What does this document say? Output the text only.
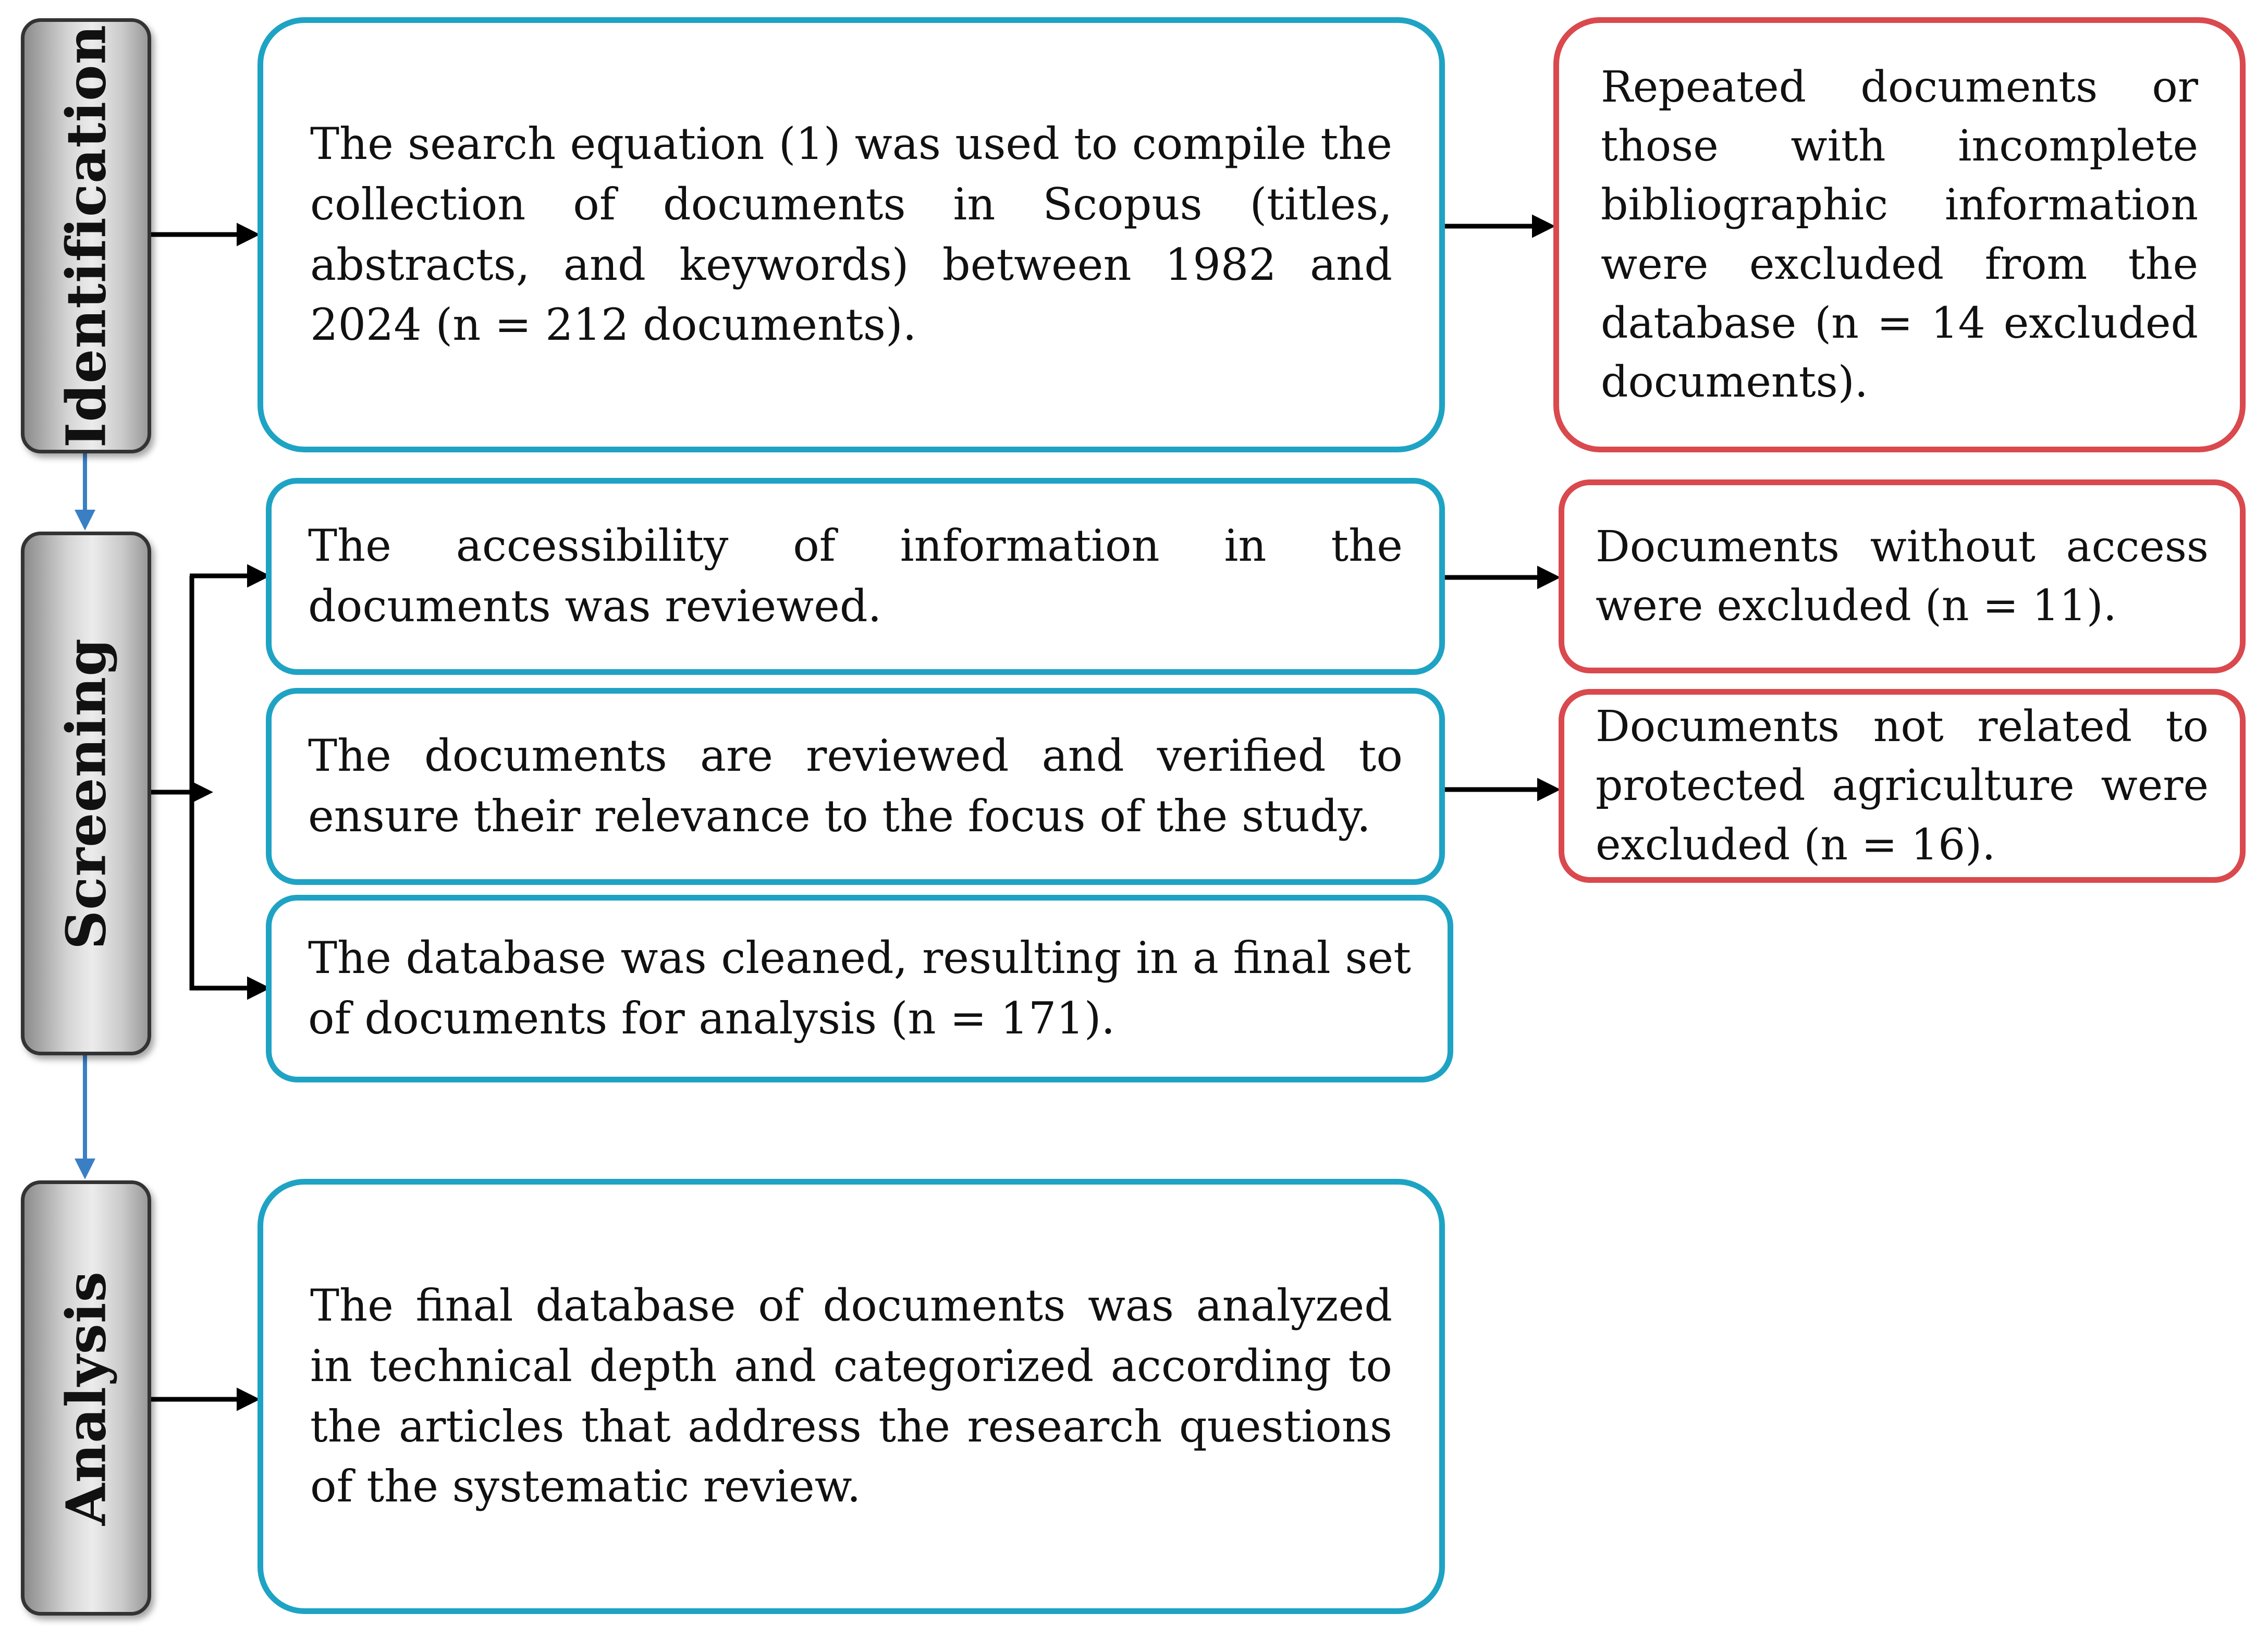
Identification
Screening
Analysis
The search equation (1) was used to compile the collection of documents in Scopus (titles, abstracts, and keywords) between 1982 and 2024 (n = 212 documents).
The accessibility of information in the documents was reviewed.
The documents are reviewed and verified to ensure their relevance to the focus of the study.
The database was cleaned, resulting in a final set of documents for analysis (n = 171).
The final database of documents was analyzed in technical depth and categorized according to the articles that address the research questions of the systematic review.
Repeated documents or those with incomplete bibliographic information were excluded from the database (n = 14 excluded documents).
Documents without access were excluded (n = 11).
Documents not related to protected agriculture were excluded (n = 16).
